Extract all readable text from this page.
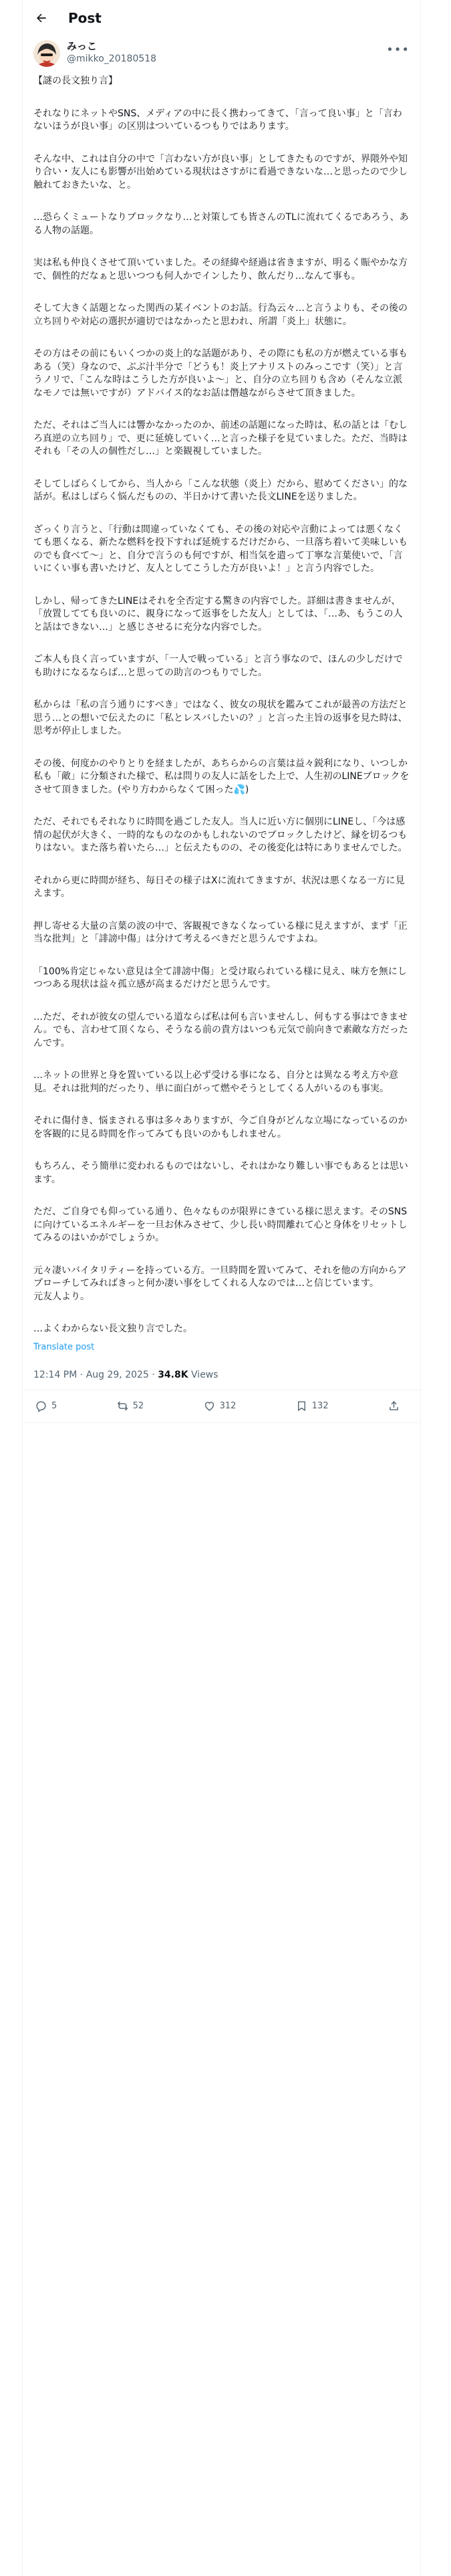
Post
みっこ
@mikko_20180518
•••

【謎の長文独り言】

それなりにネットやSNS、メディアの中に長く携わってきて、「言って良い事」と「言わないほうが良い事」の区別はついているつもりではあります。

そんな中、これは自分の中で「言わない方が良い事」としてきたものですが、界隈外や知り合い・友人にも影響が出始めている現状はさすがに看過できないな…と思ったので少し触れておきたいな、と。

…恐らくミュートなりブロックなり…と対策しても皆さんのTLに流れてくるであろう、ある人物の話題。

実は私も仲良くさせて頂いていました。その経緯や経過は省きますが、明るく賑やかな方で、個性的だなぁと思いつつも何人かでインしたり、飲んだり…なんて事も。

そして大きく話題となった関西の某イベントのお話。行為云々…と言うよりも、その後の立ち回りや対応の選択が適切ではなかったと思われ、所謂「炎上」状態に。

その方はその前にもいくつかの炎上的な話題があり、その際にも私の方が燃えている事もある（笑）身なので、ぶぶ汁半分で「どうも！炎上アナリストのみっこです（笑）」と言うノリで、「こんな時はこうした方が良いよ〜」と、自分の立ち回りも含め（そんな立派なモノでは無いですが）アドバイス的なお話は僭越ながらさせて頂きました。

ただ、それはご当人には響かなかったのか、前述の話題になった時は、私の話とは「むしろ真逆の立ち回り」で、更に延焼していく…と言った様子を見ていました。ただ、当時はそれも「その人の個性だし…」と楽観視していました。

そしてしばらくしてから、当人から「こんな状態（炎上）だから、慰めてください」的な話が。私はしばらく悩んだものの、半日かけて書いた長文LINEを送りました。

ざっくり言うと、「行動は間違っていなくても、その後の対応や言動によっては悪くなくても悪くなる、新たな燃料を投下すれば延焼するだけだから、一旦落ち着いて美味しいものでも食べて〜」と、自分で言うのも何ですが、相当気を遣って丁寧な言葉使いで、「言いにくい事も書いたけど、友人としてこうした方が良いよ！」と言う内容でした。

しかし、帰ってきたLINEはそれを全否定する驚きの内容でした。詳細は書きませんが、「放置してても良いのに、親身になって返事をした友人」としては、「…あ、もうこの人と話はできない…」と感じさせるに充分な内容でした。

ご本人も良く言っていますが、「一人で戦っている」と言う事なので、ほんの少しだけでも助けになるならば…と思っての助言のつもりでした。

私からは「私の言う通りにすべき」ではなく、彼女の現状を鑑みてこれが最善の方法だと思う…との想いで伝えたのに「私とレスバしたいの？」と言った主旨の返事を見た時は、思考が停止しました。

その後、何度かのやりとりを経ましたが、あちらからの言葉は益々鋭利になり、いつしか私も「敵」に分類された様で、私は問りの友人に話をした上で、人生初のLINEブロックをさせて頂きました。(やり方わからなくて困った💦)

ただ、それでもそれなりに時間を過ごした友人。当人に近い方に個別にLINEし、「今は感情の起伏が大きく、一時的なものなのかもしれないのでブロックしたけど、縁を切るつもりはない。また落ち着いたら…」と伝えたものの、その後変化は特にありませんでした。

それから更に時間が経ち、毎日その様子はXに流れてきますが、状況は悪くなる一方に見えます。

押し寄せる大量の言葉の波の中で、客観視できなくなっている様に見えますが、まず「正当な批判」と「誹謗中傷」は分けて考えるべきだと思うんですよね。

「100%肯定じゃない意見は全て誹謗中傷」と受け取られている様に見え、味方を無にしつつある現状は益々孤立感が高まるだけだと思うんです。

…ただ、それが彼女の望んでいる道ならば私は何も言いませんし、何もする事はできません。でも、言わせて頂くなら、そうなる前の貴方はいつも元気で前向きで素敵な方だったんです。

…ネットの世界と身を置いている以上必ず受ける事になる、自分とは異なる考え方や意見。それは批判的だったり、単に面白がって燃やそうとしてくる人がいるのも事実。

それに傷付き、悩まされる事は多々ありますが、今ご自身がどんな立場になっているのかを客観的に見る時間を作ってみても良いのかもしれません。

もちろん、そう簡単に変われるものではないし、それはかなり難しい事でもあるとは思います。

ただ、ご自身でも仰っている通り、色々なものが限界にきている様に思えます。そのSNSに向けているエネルギーを一旦お休みさせて、少し長い時間離れて心と身体をリセットしてみるのはいかがでしょうか。

元々凄いバイタリティーを持っている方。一旦時間を置いてみて、それを他の方向からアプローチしてみればきっと何か凄い事をしてくれる人なのでは…と信じています。
元友人より。

…よくわからない長文独り言でした。

Translate post

12:14 PM · Aug 29, 2025 · 34.8K Views

5	52	312	132
